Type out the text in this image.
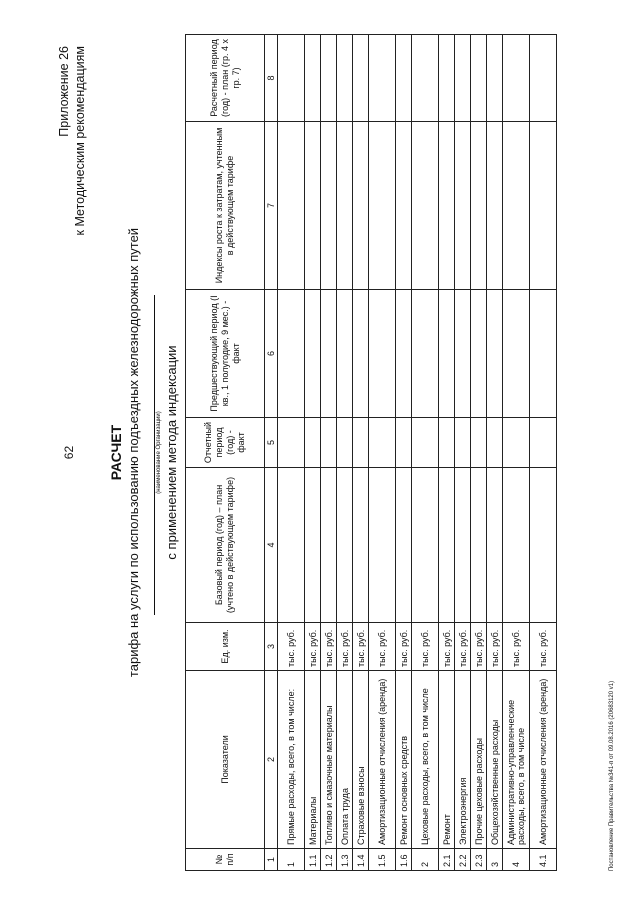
62
Приложение 26 к Методическим рекомендациям
РАСЧЕТ тарифа на услуги по использованию подъездных железнодорожных путей	(наименование Организации) с применением метода индексации
№ п/п	Показатели	Ед. изм.	Базовый период (год) – план (учтено в действующем тарифе)	Отчетный период (год) - факт	Предшествующий период (I кв., 1 полугодие, 9 мес.) - факт	Индексы роста к затратам, учтенным в действующем тарифе	Расчетный период (год) - план (гр. 4 х гр. 7)
1	2	3	4	5	6	7	8
1	Прямые расходы, всего, в том числе:	тыс. руб.					
1.1	Материалы	тыс. руб.					
1.2	Топливо и смазочные материалы	тыс. руб.					
1.3	Оплата труда	тыс. руб.					
1.4	Страховые взносы	тыс. руб.					
1.5	Амортизационные отчисления (аренда)	тыс. руб.					
1.6	Ремонт основных средств	тыс. руб.					
2	Цеховые расходы, всего, в том числе	тыс. руб.					
2.1	Ремонт	тыс. руб.					
2.2	Электроэнергия	тыс. руб.					
2.3	Прочие цеховые расходы	тыс. руб.					
3	Общехозяйственные расходы	тыс. руб.					
4	Административно-управленческие расходы, всего, в том числе	тыс. руб.					
4.1	Амортизационные отчисления (аренда)	тыс. руб.					
Постановление Правительства №341-п от 09.08.2016 (20683120 v1)
